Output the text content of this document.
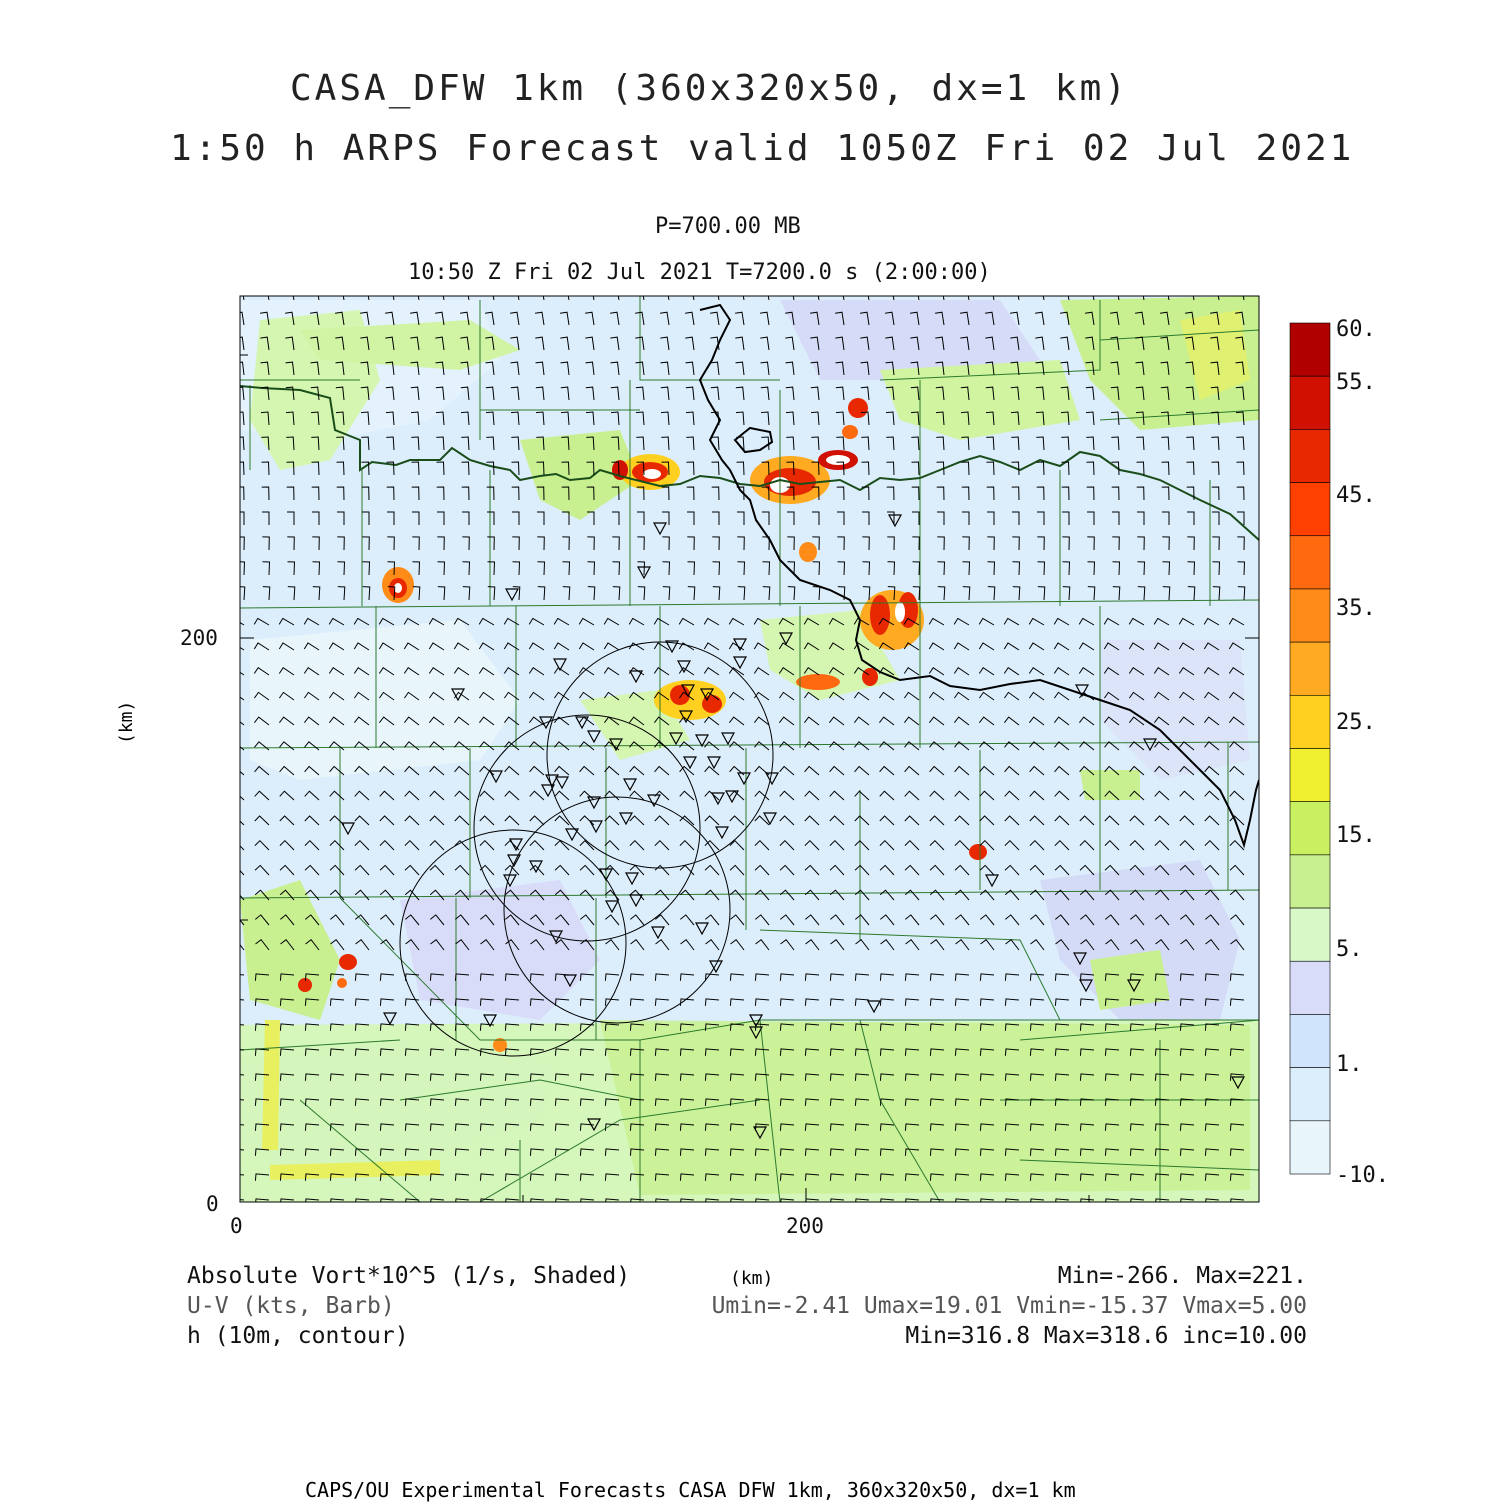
60.
55.
45.
35.
25.
15.
5.
1.
-10.
CASA_DFW 1km (360x320x50, dx=1 km)
1:50 h ARPS Forecast valid 1050Z Fri 02 Jul 2021
P=700.00 MB
10:50 Z Fri 02 Jul 2021 T=7200.0 s (2:00:00)
200
0
0	200
(km)
(km)
Absolute Vort*10^5 (1/s, Shaded)	Min=-266. Max=221.
U-V (kts, Barb)	Umin=-2.41 Umax=19.01 Vmin=-15.37 Vmax=5.00
h (10m, contour)	Min=316.8 Max=318.6 inc=10.00
CAPS/OU Experimental Forecasts CASA DFW 1km, 360x320x50, dx=1 km
